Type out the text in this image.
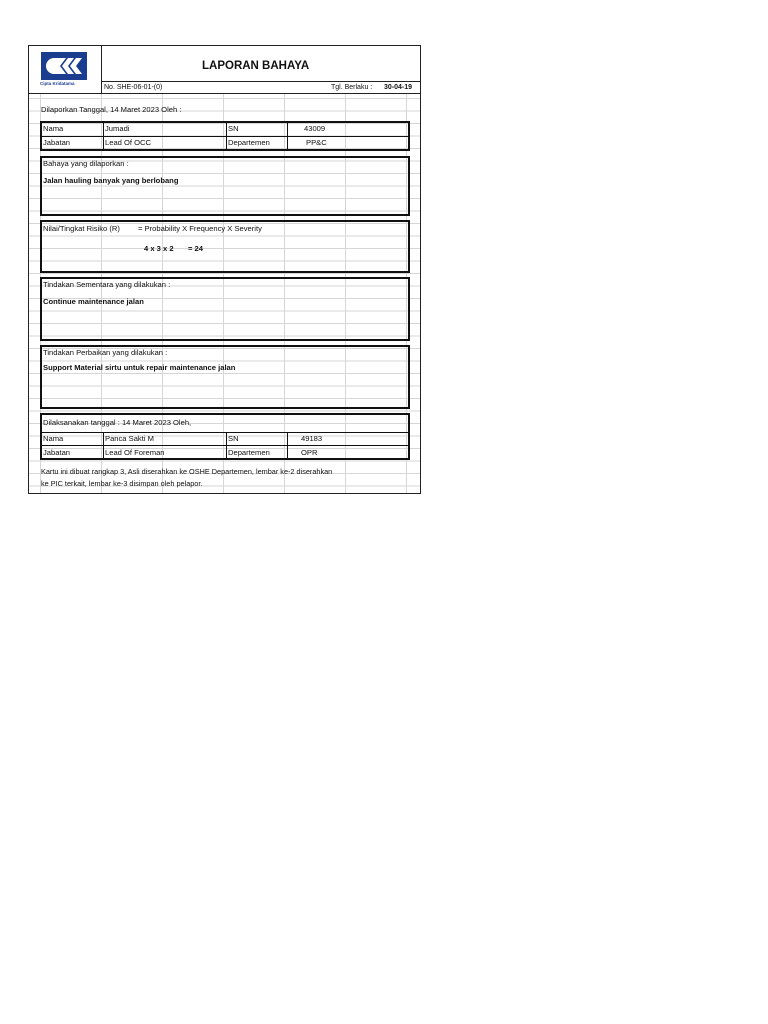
Cipta Kridatama
LAPORAN BAHAYA
No. SHE-06-01-(0)	Tgl. Berlaku : 30-04-19
Dilaporkan Tanggal, 14 Maret 2023 Oleh :
Nama	Jumadi	SN	43009
Jabatan	Lead Of OCC	Departemen	PP&C
Bahaya yang dilaporkan :
Jalan hauling banyak yang berlobang
Nilai/Tingkat Risiko (R) = Probability X Frequency X Severity
4 x 3 x 2 = 24
Tindakan Sementara yang dilakukan :
Continue maintenance jalan
Tindakan Perbaikan yang dilakukan :
Support Material sirtu untuk repair maintenance jalan
Dilaksanakan tanggal : 14 Maret 2023 Oleh,
Nama	Panca Sakti M	SN	49183
Jabatan	Lead Of Foreman	Departemen	OPR
Kartu ini dibuat rangkap 3, Asli diserahkan ke OSHE Departemen, lembar ke-2 diserahkan
ke PIC terkait, lembar ke-3 disimpan oleh pelapor.
